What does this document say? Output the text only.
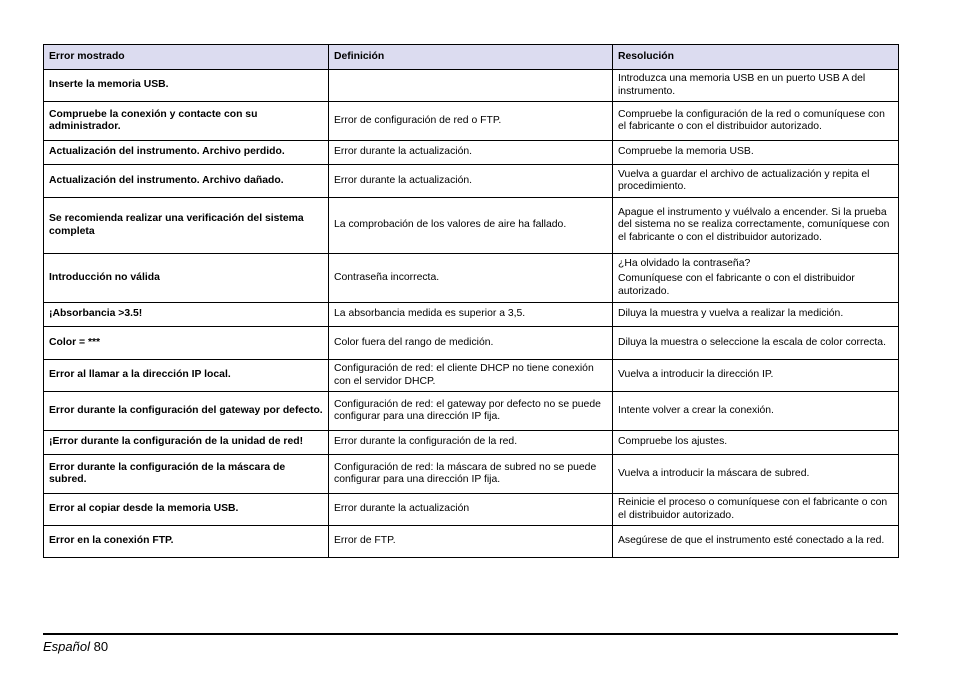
Error mostrado	Definición	Resolución
Inserte la memoria USB.		Introduzca una memoria USB en un puerto USB A del instrumento.

Compruebe la conexión y contacte con su administrador.	Error de configuración de red o FTP.	Compruebe la configuración de la red o comuníquese con el fabricante o con el distribuidor autorizado.

Actualización del instrumento. Archivo perdido.	Error durante la actualización.	Compruebe la memoria USB.

Actualización del instrumento. Archivo dañado.	Error durante la actualización.	Vuelva a guardar el archivo de actualización y repita el procedimiento.

Se recomienda realizar una verificación del sistema completa	La comprobación de los valores de aire ha fallado.	Apague el instrumento y vuélvalo a encender. Si la prueba del sistema no se realiza correctamente, comuníquese con el fabricante o con el distribuidor autorizado.

Introducción no válida	Contraseña incorrecta.	¿Ha olvidado la contraseña?
Comuníquese con el fabricante o con el distribuidor autorizado.

¡Absorbancia >3.5!	La absorbancia medida es superior a 3,5.	Diluya la muestra y vuelva a realizar la medición.

Color = ***	Color fuera del rango de medición.	Diluya la muestra o seleccione la escala de color correcta.

Error al llamar a la dirección IP local.	Configuración de red: el cliente DHCP no tiene conexión con el servidor DHCP.	Vuelva a introducir la dirección IP.

Error durante la configuración del gateway por defecto.	Configuración de red: el gateway por defecto no se puede configurar para una dirección IP fija.	Intente volver a crear la conexión.

¡Error durante la configuración de la unidad de red!	Error durante la configuración de la red.	Compruebe los ajustes.

Error durante la configuración de la máscara de subred.	Configuración de red: la máscara de subred no se puede configurar para una dirección IP fija.	Vuelva a introducir la máscara de subred.

Error al copiar desde la memoria USB.	Error durante la actualización	Reinicie el proceso o comuníquese con el fabricante o con el distribuidor autorizado.

Error en la conexión FTP.	Error de FTP.	Asegúrese de que el instrumento esté conectado a la red.
Español 80
